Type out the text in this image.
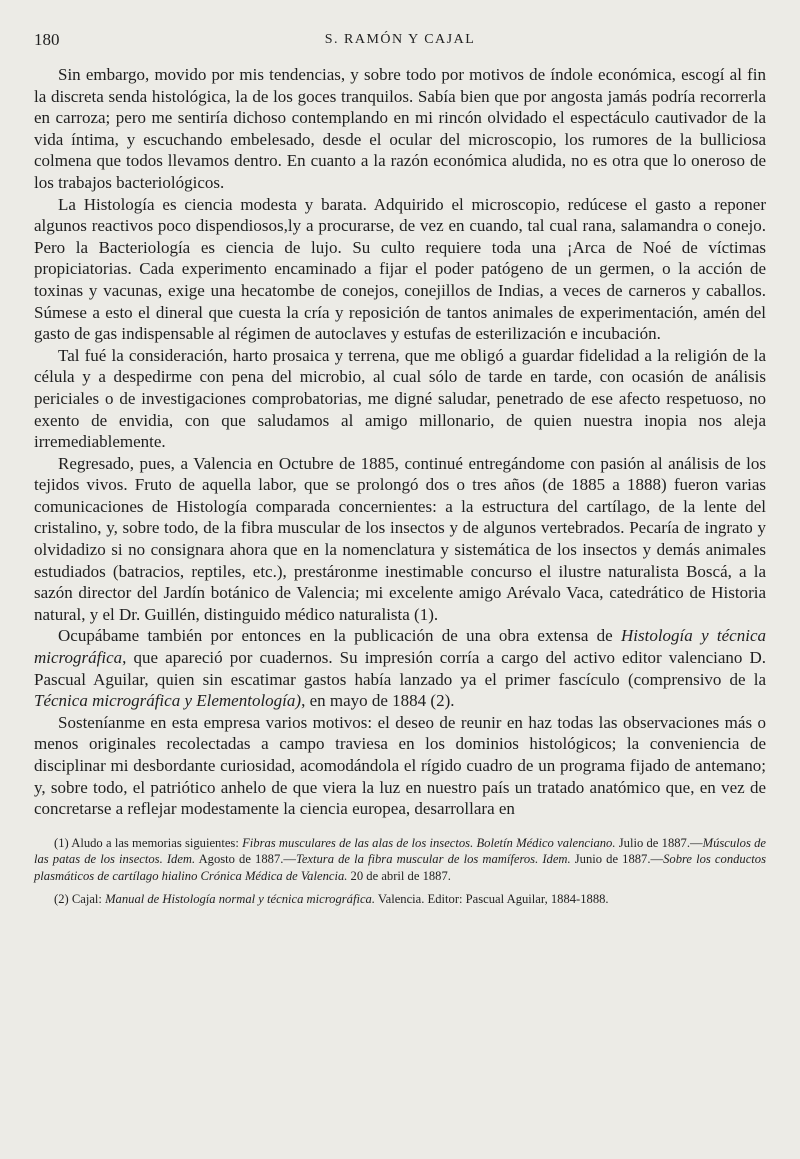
180	S. RAMÓN Y CAJAL

Sin embargo, movido por mis tendencias, y sobre todo por motivos de índole económica, escogí al fin la discreta senda histológica, la de los goces tranquilos. Sabía bien que por angosta jamás podría recorrerla en carroza; pero me sentiría dichoso contemplando en mi rincón olvidado el espectáculo cautivador de la vida íntima, y escuchando embelesado, desde el ocular del microscopio, los rumores de la bulliciosa colmena que todos llevamos dentro. En cuanto a la razón económica aludida, no es otra que lo oneroso de los trabajos bacteriológicos.

La Histología es ciencia modesta y barata. Adquirido el microscopio, redúcese el gasto a reponer algunos reactivos poco dispendiosos,ly a procurarse, de vez en cuando, tal cual rana, salamandra o conejo. Pero la Bacteriología es ciencia de lujo. Su culto requiere toda una ¡Arca de Noé de víctimas propiciatorias. Cada experimento encaminado a fijar el poder patógeno de un germen, o la acción de toxinas y vacunas, exige una hecatombe de conejos, conejillos de Indias, a veces de carneros y caballos. Súmese a esto el dineral que cuesta la cría y reposición de tantos animales de experimentación, amén del gasto de gas indispensable al régimen de autoclaves y estufas de esterilización e incubación.

Tal fué la consideración, harto prosaica y terrena, que me obligó a guardar fidelidad a la religión de la célula y a despedirme con pena del microbio, al cual sólo de tarde en tarde, con ocasión de análisis periciales o de investigaciones comprobatorias, me digné saludar, penetrado de ese afecto respetuoso, no exento de envidia, con que saludamos al amigo millonario, de quien nuestra inopia nos aleja irremediablemente.

Regresado, pues, a Valencia en Octubre de 1885, continué entregándome con pasión al análisis de los tejidos vivos. Fruto de aquella labor, que se prolongó dos o tres años (de 1885 a 1888) fueron varias comunicaciones de Histología comparada concernientes: a la estructura del cartílago, de la lente del cristalino, y, sobre todo, de la fibra muscular de los insectos y de algunos vertebrados. Pecaría de ingrato y olvidadizo si no consignara ahora que en la nomenclatura y sistemática de los insectos y demás animales estudiados (batracios, reptiles, etc.), prestáronme inestimable concurso el ilustre naturalista Boscá, a la sazón director del Jardín botánico de Valencia; mi excelente amigo Arévalo Vaca, catedrático de Historia natural, y el Dr. Guillén, distinguido médico naturalista (1).

Ocupábame también por entonces en la publicación de una obra extensa de Histología y técnica micrográfica, que apareció por cuadernos. Su impresión corría a cargo del activo editor valenciano D. Pascual Aguilar, quien sin escatimar gastos había lanzado ya el primer fascículo (comprensivo de la Técnica micrográfica y Elementología), en mayo de 1884 (2).

Sosteníanme en esta empresa varios motivos: el deseo de reunir en haz todas las observaciones más o menos originales recolectadas a campo traviesa en los dominios histológicos; la conveniencia de disciplinar mi desbordante curiosidad, acomodándola el rígido cuadro de un programa fijado de antemano; y, sobre todo, el patriótico anhelo de que viera la luz en nuestro país un tratado anatómico que, en vez de concretarse a reflejar modestamente la ciencia europea, desarrollara en

(1) Aludo a las memorias siguientes: Fibras musculares de las alas de los insectos. Boletín Médico valenciano. Julio de 1887.—Músculos de las patas de los insectos. Idem. Agosto de 1887.—Textura de la fibra muscular de los mamíferos. Idem. Junio de 1887.—Sobre los conductos plasmáticos de cartílago hialino Crónica Médica de Valencia. 20 de abril de 1887.

(2) Cajal: Manual de Histología normal y técnica micrográfica. Valencia. Editor: Pascual Aguilar, 1884-1888.
